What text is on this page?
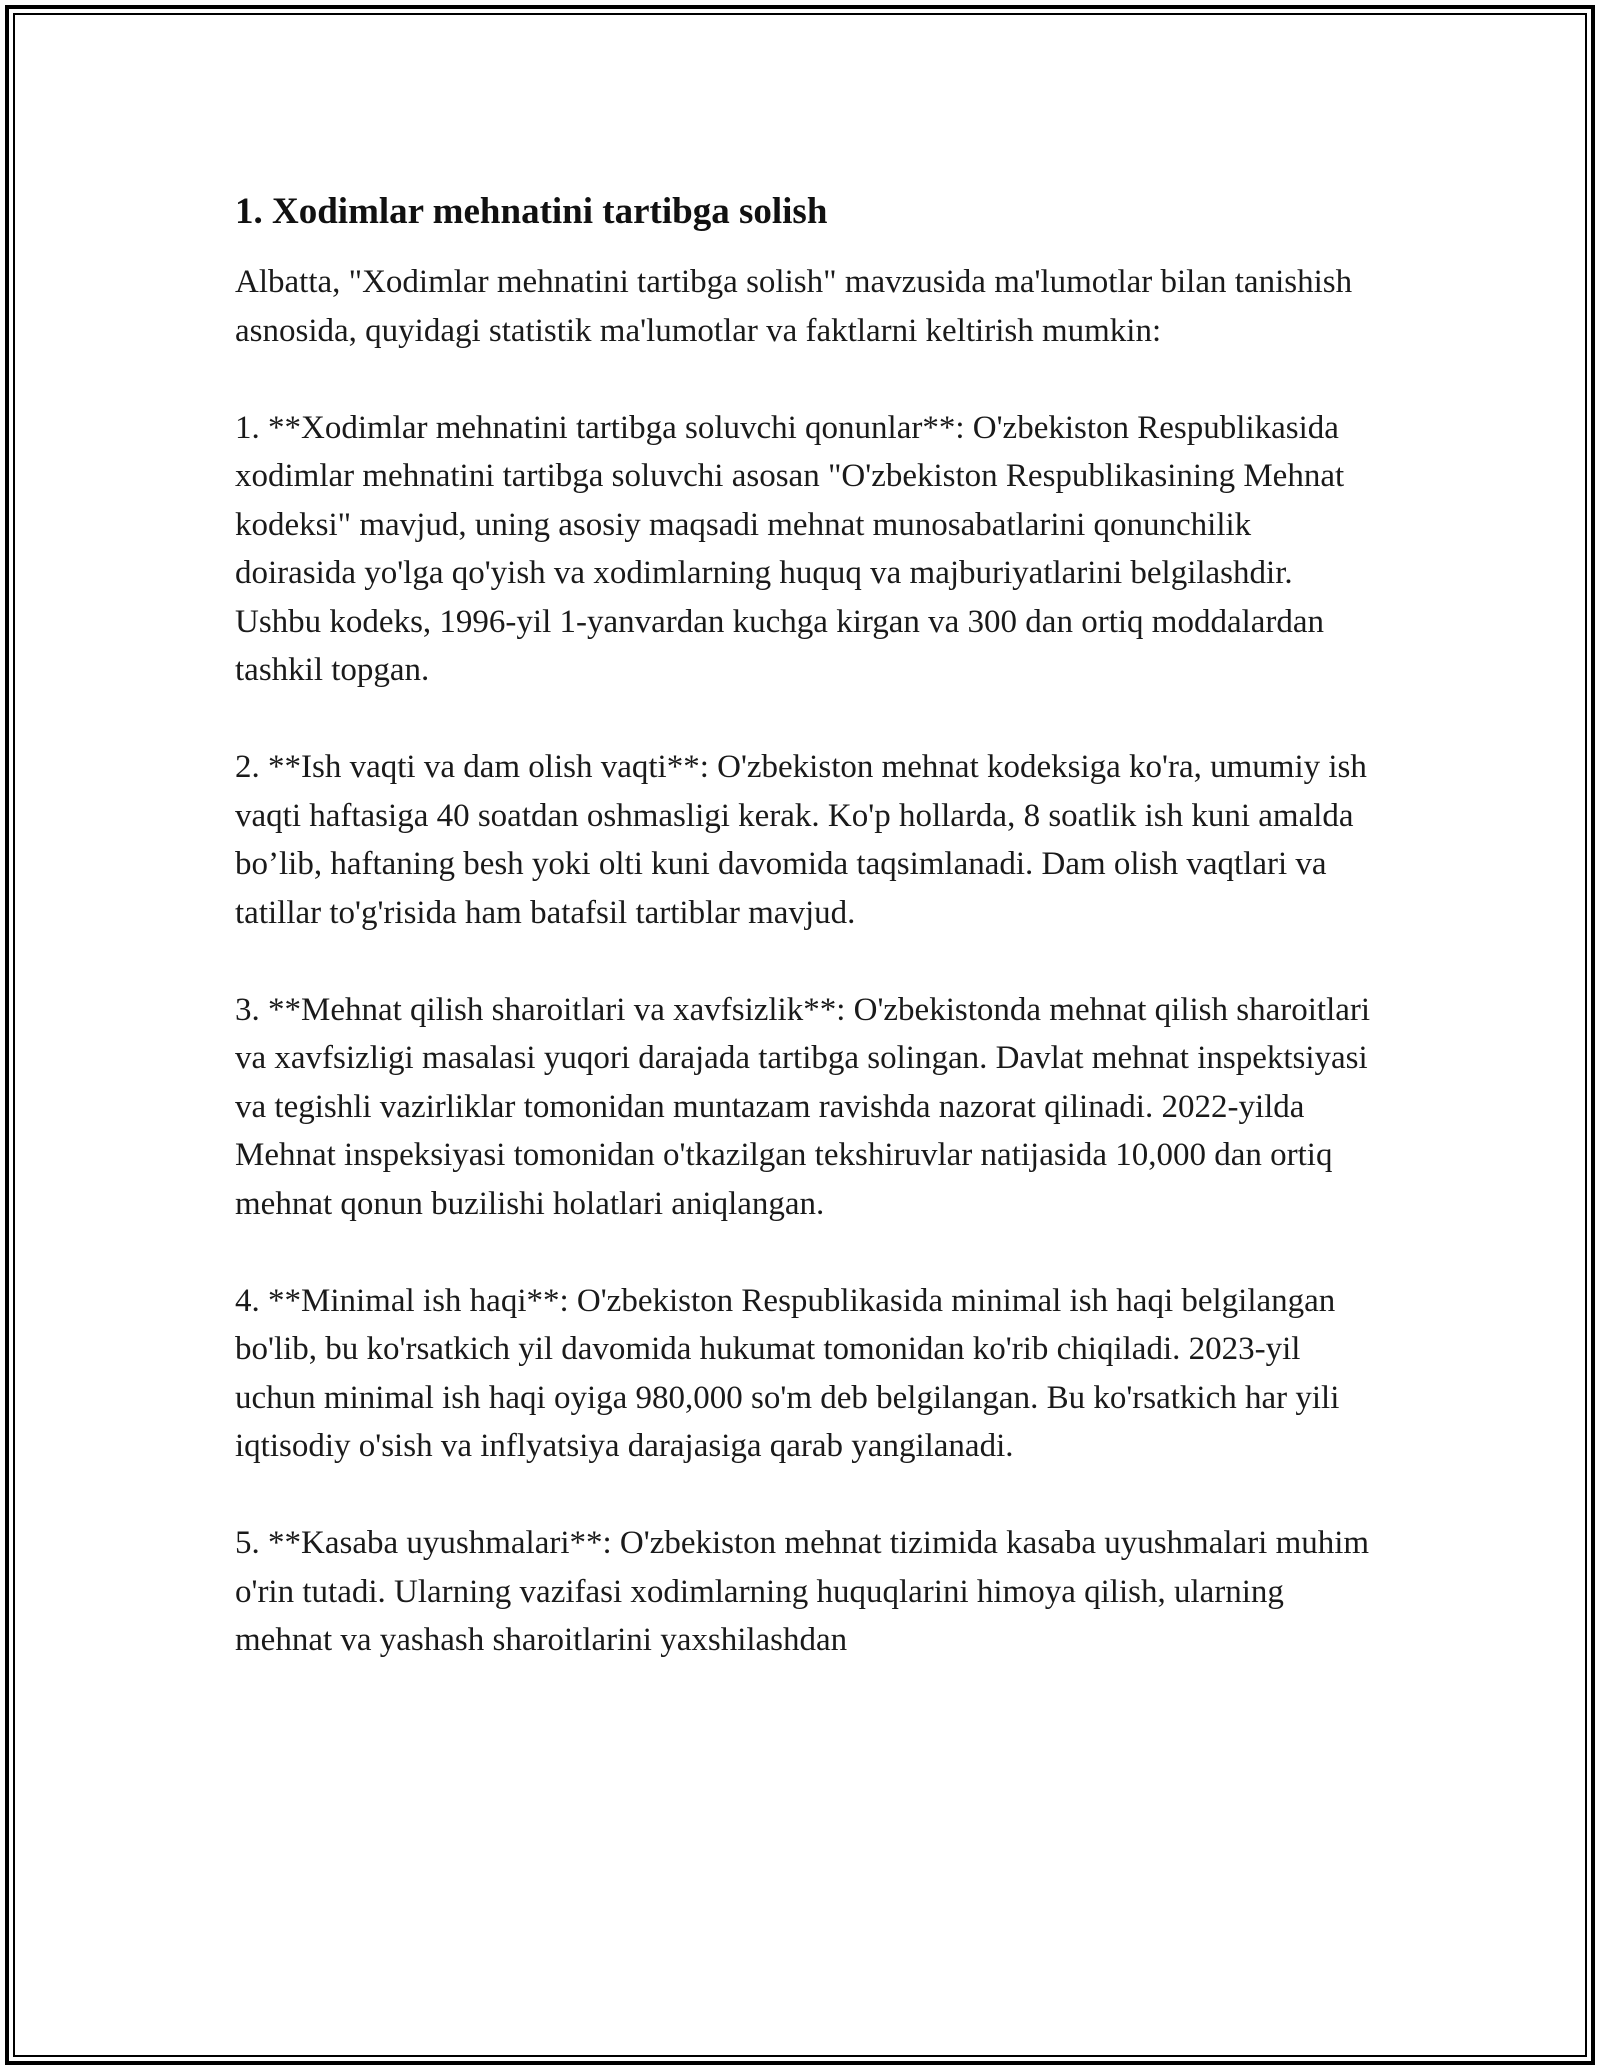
1. Xodimlar mehnatini tartibga solish

Albatta, "Xodimlar mehnatini tartibga solish" mavzusida ma'lumotlar bilan tanishish asnosida, quyidagi statistik ma'lumotlar va faktlarni keltirish mumkin:

1. **Xodimlar mehnatini tartibga soluvchi qonunlar**: O'zbekiston Respublikasida xodimlar mehnatini tartibga soluvchi asosan "O'zbekiston Respublikasining Mehnat kodeksi" mavjud, uning asosiy maqsadi mehnat munosabatlarini qonunchilik doirasida yo'lga qo'yish va xodimlarning huquq va majburiyatlarini belgilashdir. Ushbu kodeks, 1996-yil 1-yanvardan kuchga kirgan va 300 dan ortiq moddalardan tashkil topgan.

2. **Ish vaqti va dam olish vaqti**: O'zbekiston mehnat kodeksiga ko'ra, umumiy ish vaqti haftasiga 40 soatdan oshmasligi kerak. Ko'p hollarda, 8 soatlik ish kuni amalda bo’lib, haftaning besh yoki olti kuni davomida taqsimlanadi. Dam olish vaqtlari va tatillar to'g'risida ham batafsil tartiblar mavjud.

3. **Mehnat qilish sharoitlari va xavfsizlik**: O'zbekistonda mehnat qilish sharoitlari va xavfsizligi masalasi yuqori darajada tartibga solingan. Davlat mehnat inspektsiyasi va tegishli vazirliklar tomonidan muntazam ravishda nazorat qilinadi. 2022-yilda Mehnat inspeksiyasi tomonidan o'tkazilgan tekshiruvlar natijasida 10,000 dan ortiq mehnat qonun buzilishi holatlari aniqlangan.

4. **Minimal ish haqi**: O'zbekiston Respublikasida minimal ish haqi belgilangan bo'lib, bu ko'rsatkich yil davomida hukumat tomonidan ko'rib chiqiladi. 2023-yil uchun minimal ish haqi oyiga 980,000 so'm deb belgilangan. Bu ko'rsatkich har yili iqtisodiy o'sish va inflyatsiya darajasiga qarab yangilanadi.

5. **Kasaba uyushmalari**: O'zbekiston mehnat tizimida kasaba uyushmalari muhim o'rin tutadi. Ularning vazifasi xodimlarning huquqlarini himoya qilish, ularning mehnat va yashash sharoitlarini yaxshilashdan
